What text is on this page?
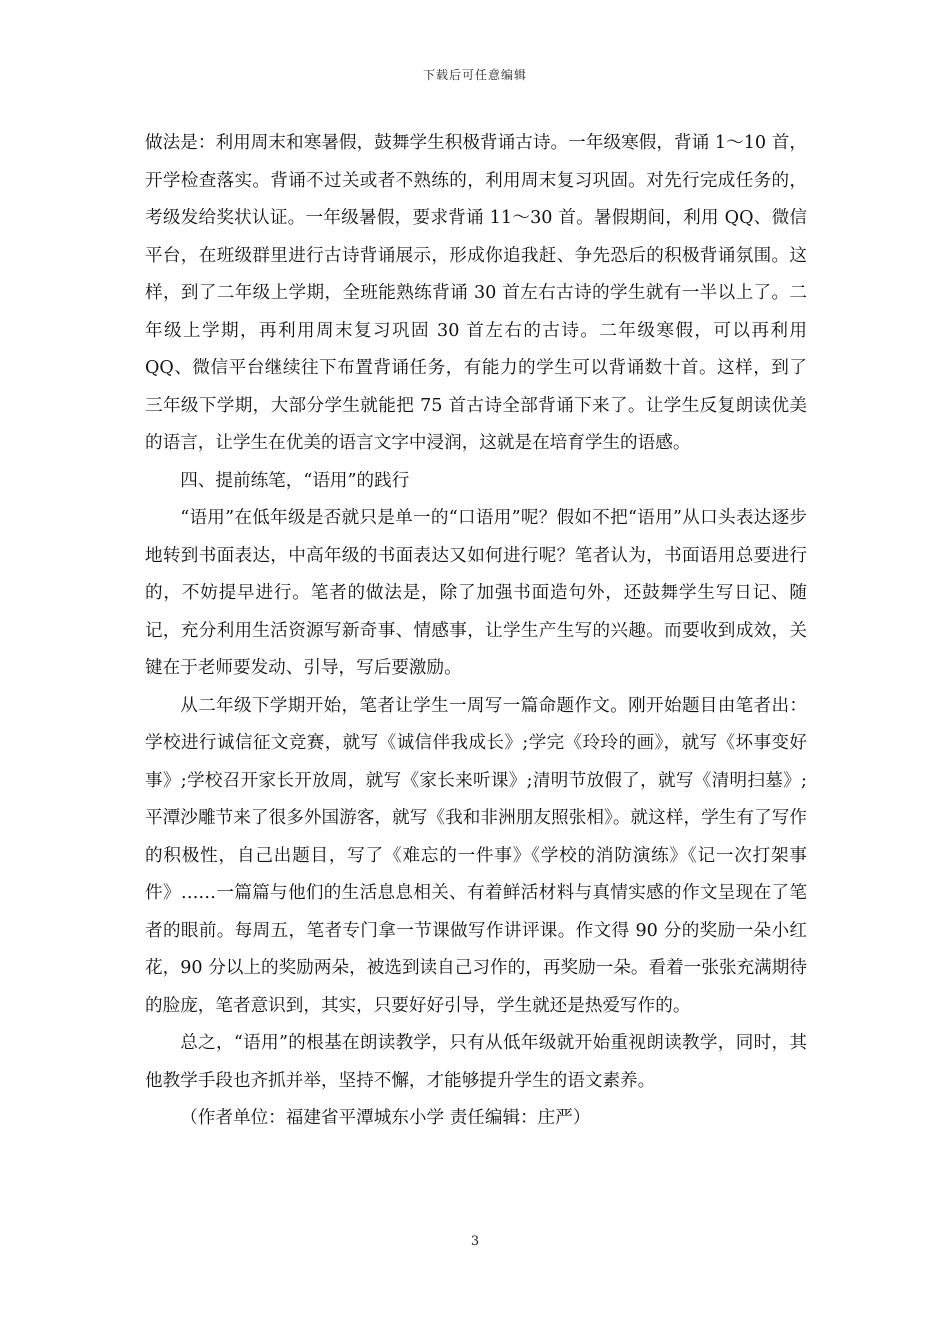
下载后可任意编辑

做法是：利用周末和寒暑假，鼓舞学生积极背诵古诗。一年级寒假，背诵 1～10 首，开学检查落实。背诵不过关或者不熟练的，利用周末复习巩固。对先行完成任务的，考级发给奖状认证。一年级暑假，要求背诵 11～30 首。暑假期间，利用 QQ、微信平台，在班级群里进行古诗背诵展示，形成你追我赶、争先恐后的积极背诵氛围。这样，到了二年级上学期，全班能熟练背诵 30 首左右古诗的学生就有一半以上了。二年级上学期，再利用周末复习巩固 30 首左右的古诗。二年级寒假，可以再利用 QQ、微信平台继续往下布置背诵任务，有能力的学生可以背诵数十首。这样，到了三年级下学期，大部分学生就能把 75 首古诗全部背诵下来了。让学生反复朗读优美的语言，让学生在优美的语言文字中浸润，这就是在培育学生的语感。

四、提前练笔，“语用”的践行

“语用”在低年级是否就只是单一的“口语用”呢？假如不把“语用”从口头表达逐步地转到书面表达，中高年级的书面表达又如何进行呢？笔者认为，书面语用总要进行的，不妨提早进行。笔者的做法是，除了加强书面造句外，还鼓舞学生写日记、随记，充分利用生活资源写新奇事、情感事，让学生产生写的兴趣。而要收到成效，关键在于老师要发动、引导，写后要激励。

从二年级下学期开始，笔者让学生一周写一篇命题作文。刚开始题目由笔者出：学校进行诚信征文竞赛，就写《诚信伴我成长》;学完《玲玲的画》，就写《坏事变好事》;学校召开家长开放周，就写《家长来听课》;清明节放假了，就写《清明扫墓》;平潭沙雕节来了很多外国游客，就写《我和非洲朋友照张相》。就这样，学生有了写作的积极性，自己出题目，写了《难忘的一件事》《学校的消防演练》《记一次打架事件》……一篇篇与他们的生活息息相关、有着鲜活材料与真情实感的作文呈现在了笔者的眼前。每周五，笔者专门拿一节课做写作讲评课。作文得 90 分的奖励一朵小红花，90 分以上的奖励两朵，被选到读自己习作的，再奖励一朵。看着一张张充满期待的脸庞，笔者意识到，其实，只要好好引导，学生就还是热爱写作的。

总之，“语用”的根基在朗读教学，只有从低年级就开始重视朗读教学，同时，其他教学手段也齐抓并举，坚持不懈，才能够提升学生的语文素养。

（作者单位：福建省平潭城东小学 责任编辑：庄严）

3
